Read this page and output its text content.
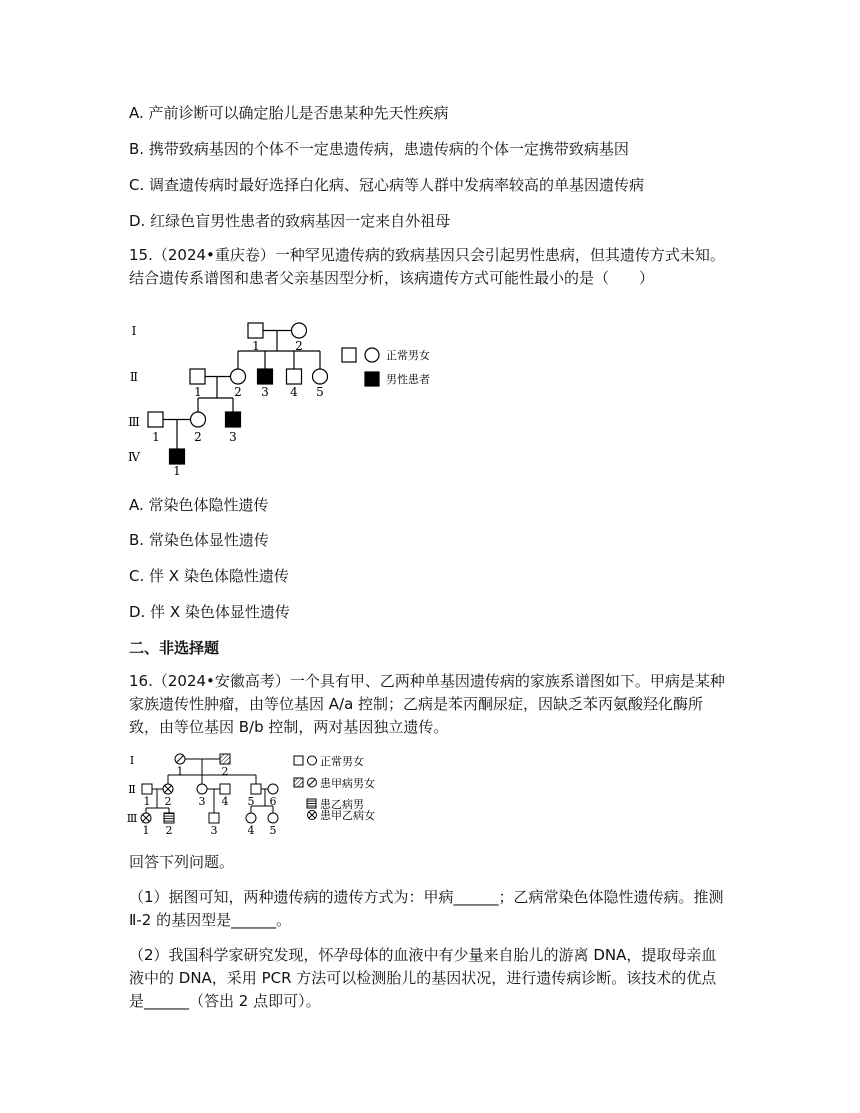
A. 产前诊断可以确定胎儿是否患某种先天性疾病
B. 携带致病基因的个体不一定患遗传病，患遗传病的个体一定携带致病基因
C. 调查遗传病时最好选择白化病、冠心病等人群中发病率较高的单基因遗传病
D. 红绿色盲男性患者的致病基因一定来自外祖母
15.（2024•重庆卷）一种罕见遗传病的致病基因只会引起男性患病，但其遗传方式未知。结合遗传系谱图和患者父亲基因型分析，该病遗传方式可能性最小的是（　　）
Ⅰ
Ⅱ
Ⅲ
Ⅳ
1	2
1	2 3 4 5
1	2 3
1
正常男女
男性患者
A. 常染色体隐性遗传
B. 常染色体显性遗传
C. 伴 X 染色体隐性遗传
D. 伴 X 染色体显性遗传
二、非选择题
16.（2024•安徽高考）一个具有甲、乙两种单基因遗传病的家族系谱图如下。甲病是某种家族遗传性肿瘤，由等位基因 A/a 控制；乙病是苯丙酮尿症，因缺乏苯丙氨酸羟化酶所致，由等位基因 B/b 控制，两对基因独立遗传。
Ⅰ
Ⅱ
Ⅲ
1	2
1 2 3 4 5 6
1 2	3	4 5
正常男女
患甲病男女
患乙病男
患甲乙病女
回答下列问题。
（1）据图可知，两种遗传病的遗传方式为：甲病______；乙病常染色体隐性遗传病。推测Ⅱ-2 的基因型是______。
（2）我国科学家研究发现，怀孕母体的血液中有少量来自胎儿的游离 DNA，提取母亲血液中的 DNA，采用 PCR 方法可以检测胎儿的基因状况，进行遗传病诊断。该技术的优点是______（答出 2 点即可）。
